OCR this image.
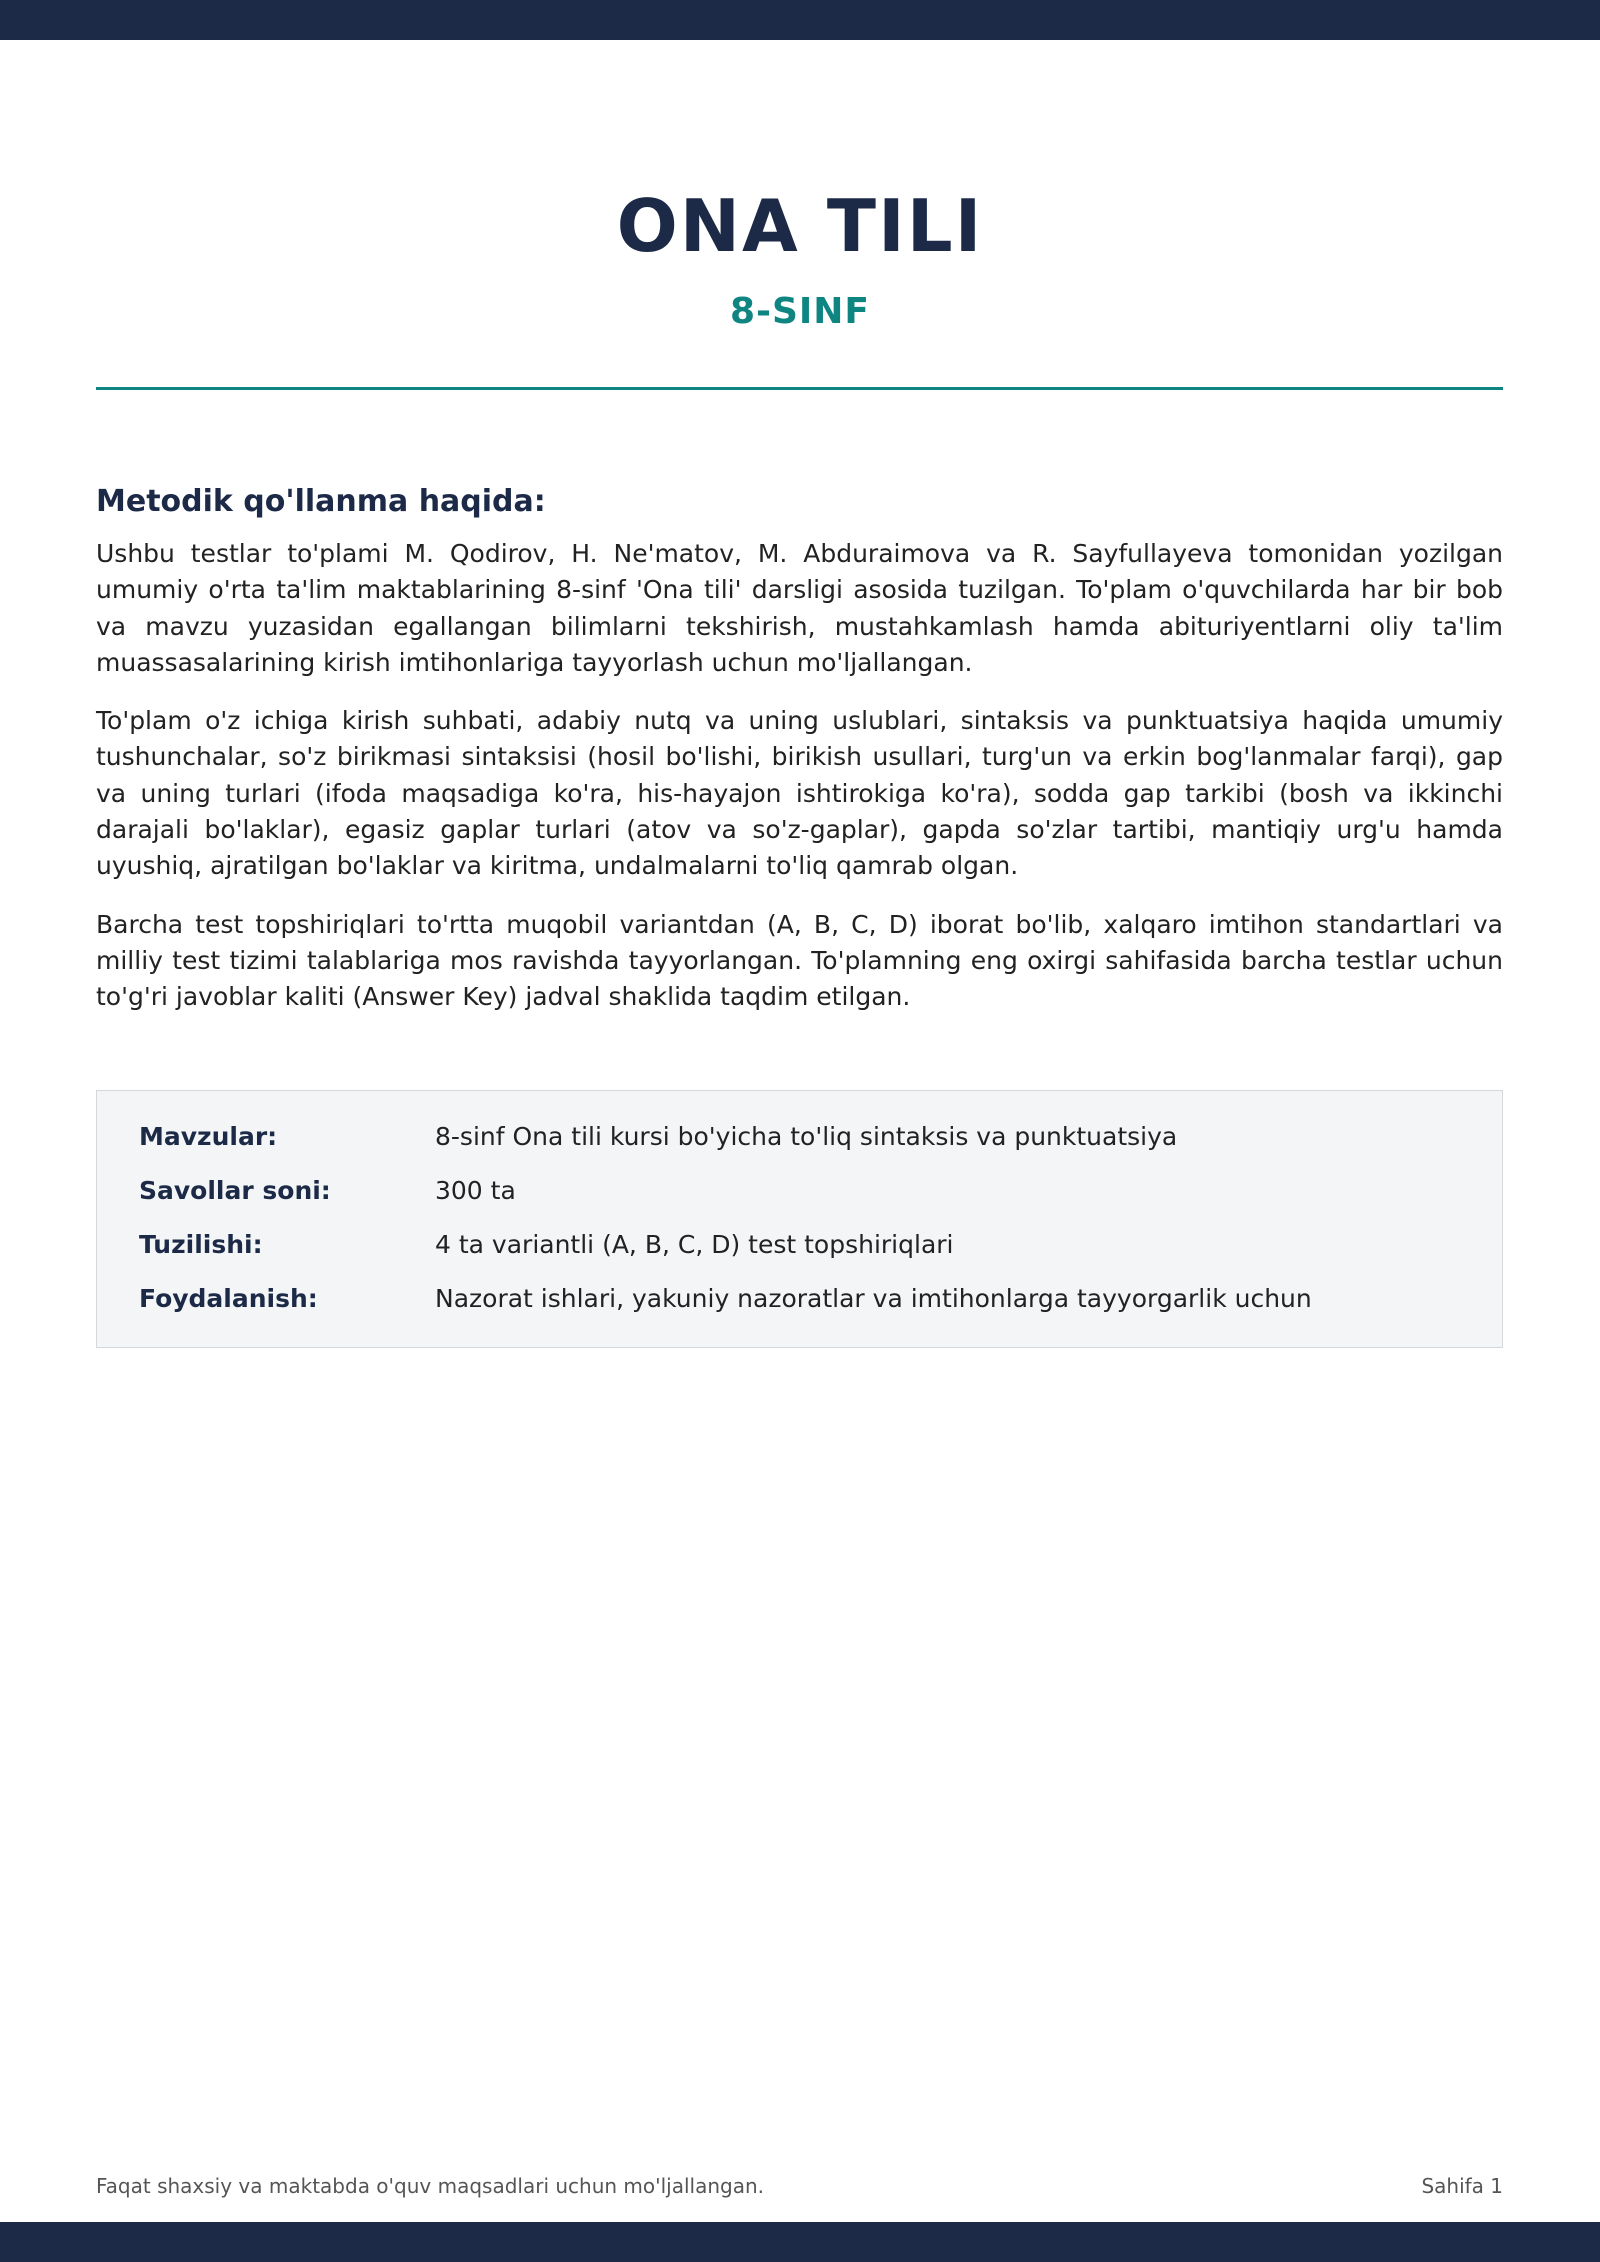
ONA TILI
8-SINF
Metodik qo'llanma haqida:

Ushbu testlar to'plami M. Qodirov, H. Ne'matov, M. Abduraimova va R. Sayfullayeva tomonidan yozilgan umumiy o'rta ta'lim maktablarining 8-sinf 'Ona tili' darsligi asosida tuzilgan. To'plam o'quvchilarda har bir bob va mavzu yuzasidan egallangan bilimlarni tekshirish, mustahkamlash hamda abituriyentlarni oliy ta'lim muassasalarining kirish imtihonlariga tayyorlash uchun mo'ljallangan.

To'plam o'z ichiga kirish suhbati, adabiy nutq va uning uslublari, sintaksis va punktuatsiya haqida umumiy tushunchalar, so'z birikmasi sintaksisi (hosil bo'lishi, birikish usullari, turg'un va erkin bog'lanmalar farqi), gap va uning turlari (ifoda maqsadiga ko'ra, his-hayajon ishtirokiga ko'ra), sodda gap tarkibi (bosh va ikkinchi darajali bo'laklar), egasiz gaplar turlari (atov va so'z-gaplar), gapda so'zlar tartibi, mantiqiy urg'u hamda uyushiq, ajratilgan bo'laklar va kiritma, undalmalarni to'liq qamrab olgan.

Barcha test topshiriqlari to'rtta muqobil variantdan (A, B, C, D) iborat bo'lib, xalqaro imtihon standartlari va milliy test tizimi talablariga mos ravishda tayyorlangan. To'plamning eng oxirgi sahifasida barcha testlar uchun to'g'ri javoblar kaliti (Answer Key) jadval shaklida taqdim etilgan.

Mavzular:	8-sinf Ona tili kursi bo'yicha to'liq sintaksis va punktuatsiya
Savollar soni:	300 ta
Tuzilishi:	4 ta variantli (A, B, C, D) test topshiriqlari
Foydalanish:	Nazorat ishlari, yakuniy nazoratlar va imtihonlarga tayyorgarlik uchun
Faqat shaxsiy va maktabda o'quv maqsadlari uchun mo'ljallangan.	Sahifa 1
